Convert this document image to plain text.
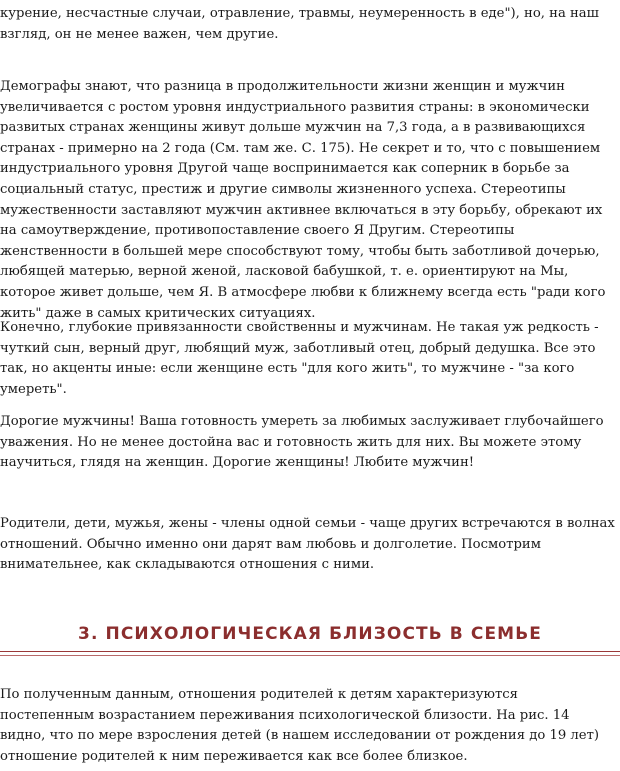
курение, несчастные случаи, отравление, травмы, неумеренность в еде"), но, на наш взгляд, он не менее важен, чем другие.

Демографы знают, что разница в продолжительности жизни женщин и мужчин увеличивается с ростом уровня индустриального развития страны: в экономически развитых странах женщины живут дольше мужчин на 7,3 года, а в развивающихся странах - примерно на 2 года (См. там же. С. 175). Не секрет и то, что с повышением индустриального уровня Другой чаще воспринимается как соперник в борьбе за социальный статус, престиж и другие символы жизненного успеха. Стереотипы мужественности заставляют мужчин активнее включаться в эту борьбу, обрекают их на самоутверждение, противопоставление своего Я Другим. Стереотипы женственности в большей мере способствуют тому, чтобы быть заботливой дочерью, любящей матерью, верной женой, ласковой бабушкой, т. е. ориентируют на Мы, которое живет дольше, чем Я. В атмосфере любви к ближнему всегда есть "ради кого жить" даже в самых критических ситуациях.

Конечно, глубокие привязанности свойственны и мужчинам. Не такая уж редкость - чуткий сын, верный друг, любящий муж, заботливый отец, добрый дедушка. Все это так, но акценты иные: если женщине есть "для кого жить", то мужчине - "за кого умереть".

Дорогие мужчины! Ваша готовность умереть за любимых заслуживает глубочайшего уважения. Но не менее достойна вас и готовность жить для них. Вы можете этому научиться, глядя на женщин. Дорогие женщины! Любите мужчин!

Родители, дети, мужья, жены - члены одной семьи - чаще других встречаются в волнах отношений. Обычно именно они дарят вам любовь и долголетие. Посмотрим внимательнее, как складываются отношения с ними.

3. ПСИХОЛОГИЧЕСКАЯ БЛИЗОСТЬ В СЕМЬЕ

По полученным данным, отношения родителей к детям характеризуются постепенным возрастанием переживания психологической близости. На рис. 14 видно, что по мере взросления детей (в нашем исследовании от рождения до 19 лет) отношение родителей к ним переживается как все более близкое.
